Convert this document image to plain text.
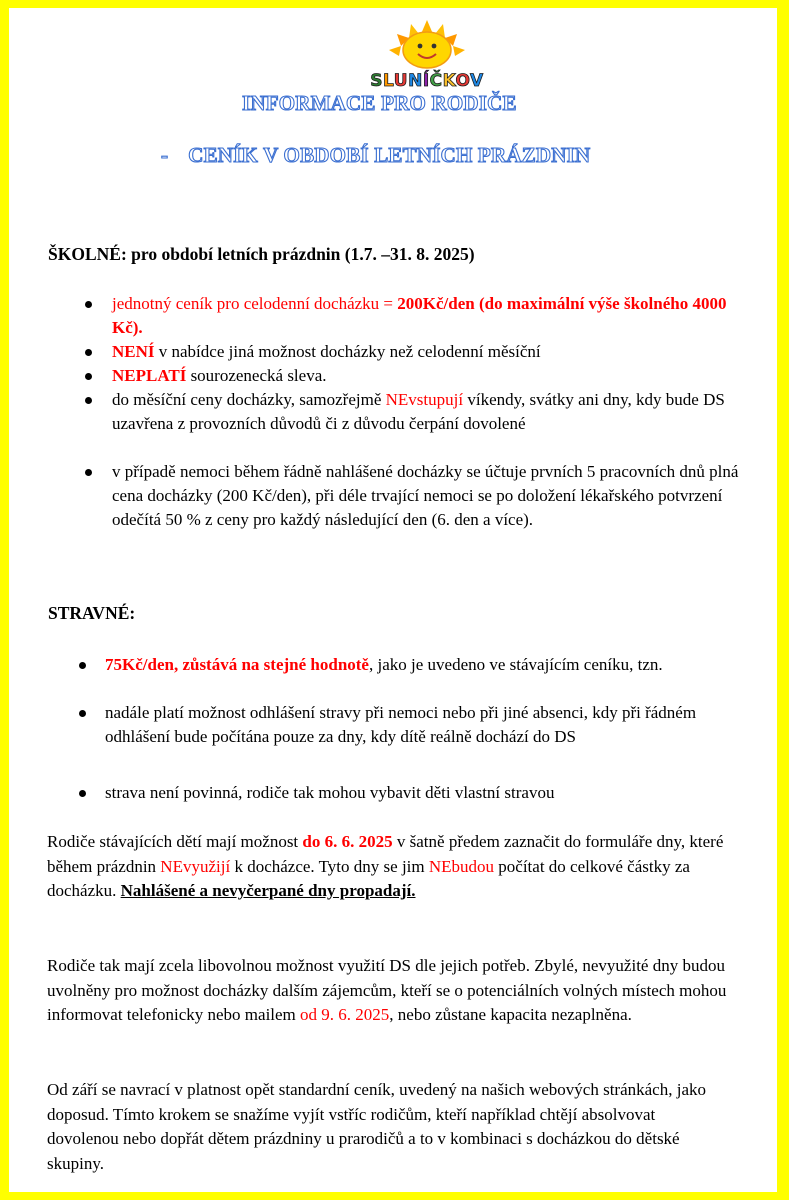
SLUNÍČKOV
INFORMACE PRO RODIČE
- CENÍK V OBDOBÍ LETNÍCH PRÁZDNIN
ŠKOLNÉ: pro období letních prázdnin (1.7. –31. 8. 2025)
jednotný ceník pro celodenní docházku = 200Kč/den (do maximální výše školného 4000 Kč).
NENÍ v nabídce jiná možnost docházky než celodenní měsíční
NEPLATÍ sourozenecká sleva.
do měsíční ceny docházky, samozřejmě NEvstupují víkendy, svátky ani dny, kdy bude DS uzavřena z provozních důvodů či z důvodu čerpání dovolené
v případě nemoci během řádně nahlášené docházky se účtuje prvních 5 pracovních dnů plná cena docházky (200 Kč/den), při déle trvající nemoci se po doložení lékařského potvrzení odečítá 50 % z ceny pro každý následující den (6. den a více).
STRAVNÉ:
75Kč/den, zůstává na stejné hodnotě, jako je uvedeno ve stávajícím ceníku, tzn.
nadále platí možnost odhlášení stravy při nemoci nebo při jiné absenci, kdy při řádném odhlášení bude počítána pouze za dny, kdy dítě reálně dochází do DS
strava není povinná, rodiče tak mohou vybavit děti vlastní stravou
Rodiče stávajících dětí mají možnost do 6. 6. 2025 v šatně předem zaznačit do formuláře dny, které během prázdnin NEvyužijí k docházce. Tyto dny se jim NEbudou počítat do celkové částky za docházku. Nahlášené a nevyčerpané dny propadají.
Rodiče tak mají zcela libovolnou možnost využití DS dle jejich potřeb. Zbylé, nevyužité dny budou uvolněny pro možnost docházky dalším zájemcům, kteří se o potenciálních volných místech mohou informovat telefonicky nebo mailem od 9. 6. 2025, nebo zůstane kapacita nezaplněna.
Od září se navrací v platnost opět standardní ceník, uvedený na našich webových stránkách, jako doposud. Tímto krokem se snažíme vyjít vstříc rodičům, kteří například chtějí absolvovat dovolenou nebo dopřát dětem prázdniny u prarodičů a to v kombinaci s docházkou do dětské skupiny.
